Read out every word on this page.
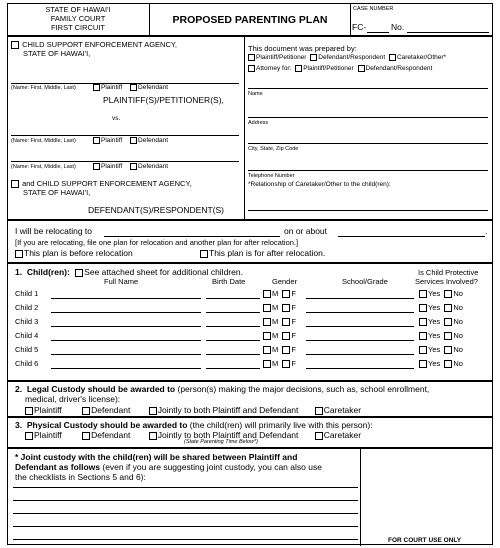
STATE OF HAWAI'I
FAMILY COURT
FIRST CIRCUIT
PROPOSED PARENTING PLAN
CASE NUMBER
FC-	No.
CHILD SUPPORT ENFORCEMENT AGENCY,
STATE OF HAWAI'I,
(Name: First, Middle, Last)	Plaintiff Defendant
PLAINTIFF(S)/PETITIONER(S),
vs.
(Name: First, Middle, Last)	Plaintiff Defendant
(Name: First, Middle, Last)	Plaintiff Defendant
and CHILD SUPPORT ENFORCEMENT AGENCY,
STATE OF HAWAI'I,
DEFENDANT(S)/RESPONDENT(S)
This document was prepared by:
Plaintiff/Petitioner Defendant/Respondent Caretaker/Other*
Attorney for: Plaintiff/Petitioner Defendant/Respondent
Name
Address
City, State, Zip Code
Telephone Number
*Relationship of Caretaker/Other to the child(ren):
I will be relocating to	on or about	.
[If you are relocating, file one plan for relocation and another plan for after relocation.]
This plan is before relocation	This plan is for after relocation.
1. Child(ren): See attached sheet for additional children.	Is Child Protective
Services Involved?
Full Name	Birth Date	Gender	School/Grade
Child 1	M F	Yes No
Child 2	M F	Yes No
Child 3	M F	Yes No
Child 4	M F	Yes No
Child 5	M F	Yes No
Child 6	M F	Yes No
2. Legal Custody should be awarded to (person(s) making the major decisions, such as, school enrollment,
medical, driver's license):
Plaintiff	Defendant	Jointly to both Plaintiff and Defendant	Caretaker
3. Physical Custody should be awarded to (the child(ren) will primarily live with this person):
Plaintiff	Defendant	Jointly to both Plaintiff and Defendant	Caretaker
(State Parenting Time Below*)
* Joint custody with the child(ren) will be shared between Plaintiff and
Defendant as follows (even if you are suggesting joint custody, you can also use
the checklists in Sections 5 and 6):
FOR COURT USE ONLY
